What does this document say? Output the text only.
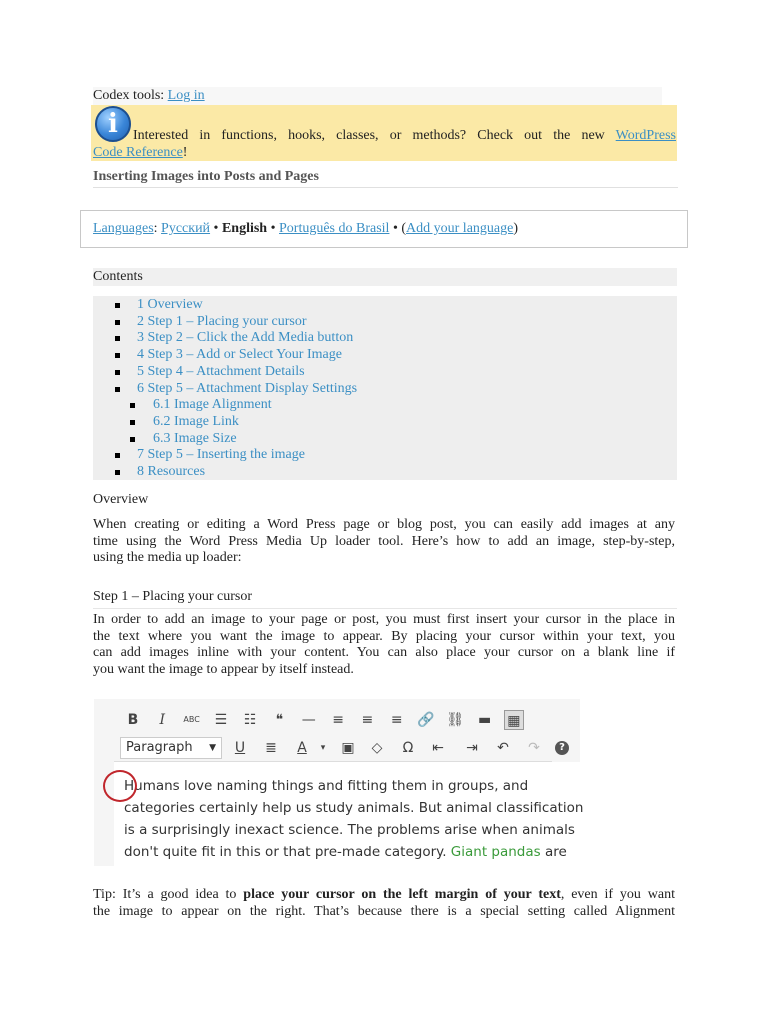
Codex tools: Log in
i	Interested in functions, hooks, classes, or methods? Check out the new WordPress
Code Reference!
Inserting Images into Posts and Pages
Languages: Русский • English • Português do Brasil • (Add your language)
Contents
1 Overview
2 Step 1 – Placing your cursor
3 Step 2 – Click the Add Media button
4 Step 3 – Add or Select Your Image
5 Step 4 – Attachment Details
6 Step 5 – Attachment Display Settings
6.1 Image Alignment
6.2 Image Link
6.3 Image Size
7 Step 5 – Inserting the image
8 Resources
Overview
When creating or editing a Word Press page or blog post, you can easily add images at any
time using the Word Press Media Up loader tool. Here’s how to add an image, step-by-step,
using the media up loader:
Step 1 – Placing your cursor
In order to add an image to your page or post, you must first insert your cursor in the place in
the text where you want the image to appear. By placing your cursor within your text, you
can add images inline with your content. You can also place your cursor on a blank line if
you want the image to appear by itself instead.
B	I	ABC ☰ ☷	❝	— ≡ ≡ ≡ 🔗 ⛓ ▬ ▦
Paragraph ▼	U	≣	A	▾	▣	◇	Ω	⇤ ⇥ ↶ ↷	?
Humans love naming things and fitting them in groups, and
categories certainly help us study animals. But animal classification
is a surprisingly inexact science. The problems arise when animals
don't quite fit in this or that pre-made category. Giant pandas are
Tip: It’s a good idea to place your cursor on the left margin of your text, even if you want
the image to appear on the right. That’s because there is a special setting called Alignment
